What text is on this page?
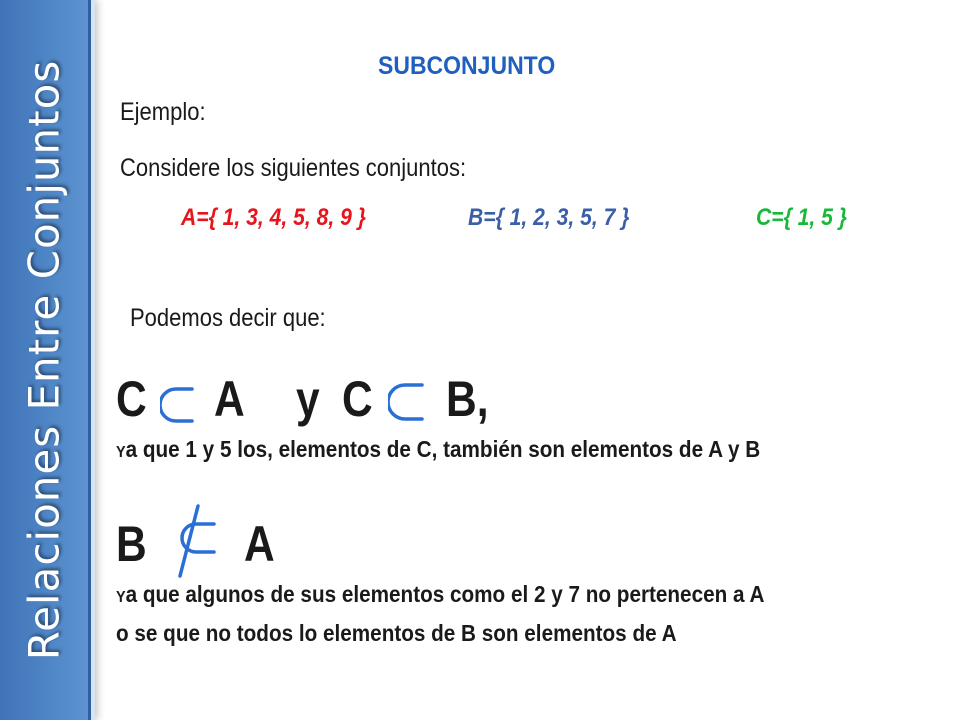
Relaciones Entre Conjuntos	SUBCONJUNTO
Ejemplo:
Considere los siguientes conjuntos:
A={ 1, 3, 4, 5, 8, 9 }	B={ 1, 2, 3, 5, 7 }	C={ 1, 5 }
Podemos decir que:
C A y C B,
Ya que 1 y 5 los, elementos de C, también son elementos de A y B
B A
Ya que algunos de sus elementos como el 2 y 7 no pertenecen a A
o se que no todos lo elementos de B son elementos de A
